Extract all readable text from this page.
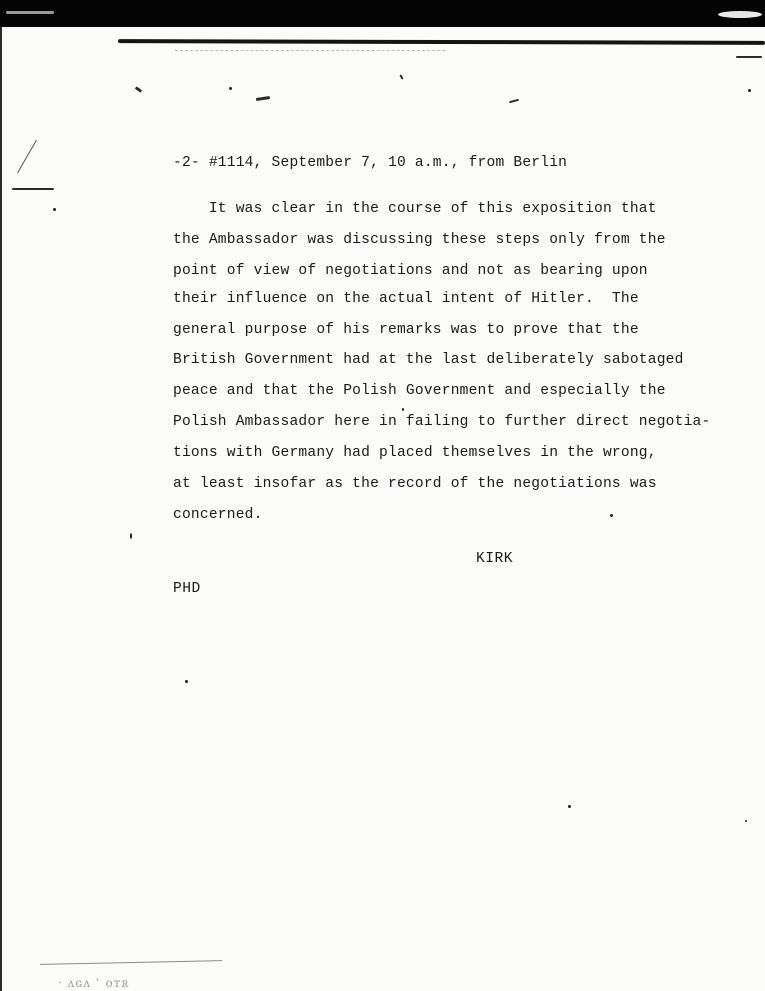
-2- #1114, September 7, 10 a.m., from Berlin
It was clear in the course of this exposition that
the Ambassador was discussing these steps only from the
point of view of negotiations and not as bearing upon
their influence on the actual intent of Hitler.  The
general purpose of his remarks was to prove that the
British Government had at the last deliberately sabotaged
peace and that the Polish Government and especially the
Polish Ambassador here in failing to further direct negotia-
tions with Germany had placed themselves in the wrong,
at least insofar as the record of the negotiations was
concerned.
KIRK
PHD
· ʌɢʌ ʿ ᴏᴛʀ
